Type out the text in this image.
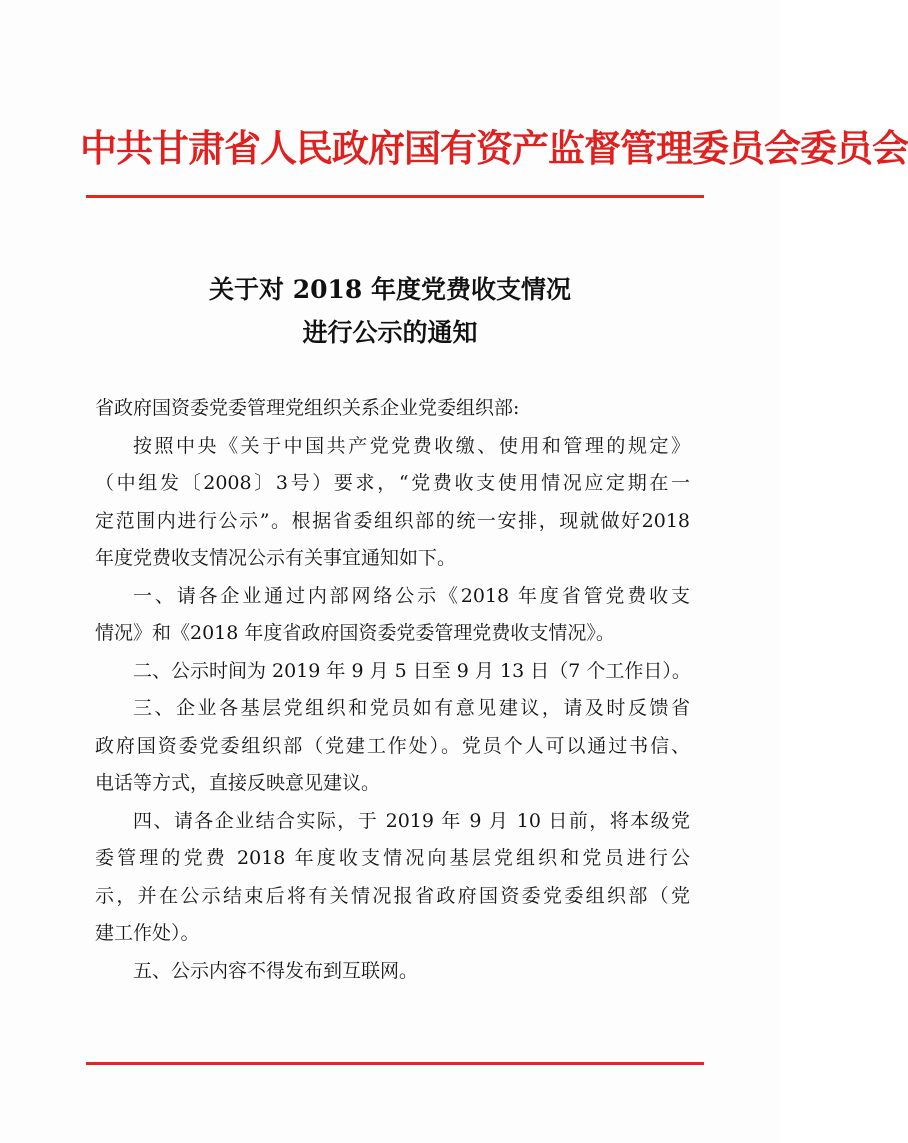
中共甘肃省人民政府国有资产监督管理委员会委员会
关于对 2018 年度党费收支情况
进行公示的通知
省政府国资委党委管理党组织关系企业党委组织部:
按照中央《关于中国共产党党费收缴、使用和管理的规定》
（中组发〔2008〕3号）要求，“党费收支使用情况应定期在一
定范围内进行公示”。根据省委组织部的统一安排，现就做好2018
年度党费收支情况公示有关事宜通知如下。
一、请各企业通过内部网络公示《2018 年度省管党费收支
情况》和《2018 年度省政府国资委党委管理党费收支情况》。
二、公示时间为 2019 年 9 月 5 日至 9 月 13 日（7 个工作日）。
三、企业各基层党组织和党员如有意见建议，请及时反馈省
政府国资委党委组织部（党建工作处）。党员个人可以通过书信、
电话等方式，直接反映意见建议。
四、请各企业结合实际，于 2019 年 9 月 10 日前，将本级党
委管理的党费 2018 年度收支情况向基层党组织和党员进行公
示，并在公示结束后将有关情况报省政府国资委党委组织部（党
建工作处）。
五、公示内容不得发布到互联网。
